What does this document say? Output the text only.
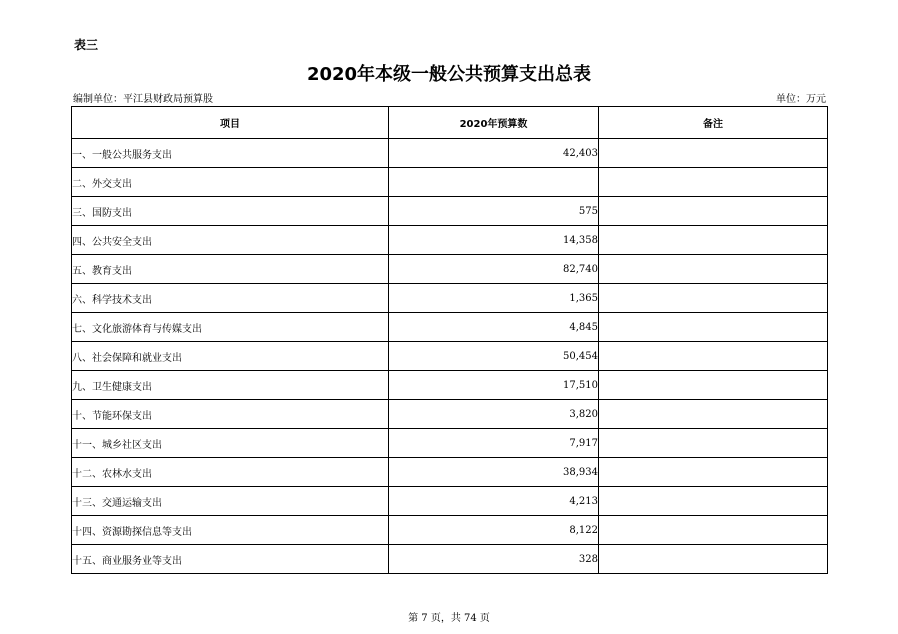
表三
2020年本级一般公共预算支出总表
编制单位：平江县财政局预算股	单位：万元
项目	2020年预算数	备注
一、一般公共服务支出	42,403	
二、外交支出		
三、国防支出	575	
四、公共安全支出	14,358	
五、教育支出	82,740	
六、科学技术支出	1,365	
七、文化旅游体育与传媒支出	4,845	
八、社会保障和就业支出	50,454	
九、卫生健康支出	17,510	
十、节能环保支出	3,820	
十一、城乡社区支出	7,917	
十二、农林水支出	38,934	
十三、交通运输支出	4,213	
十四、资源勘探信息等支出	8,122	
十五、商业服务业等支出	328	
第 7 页，共 74 页
